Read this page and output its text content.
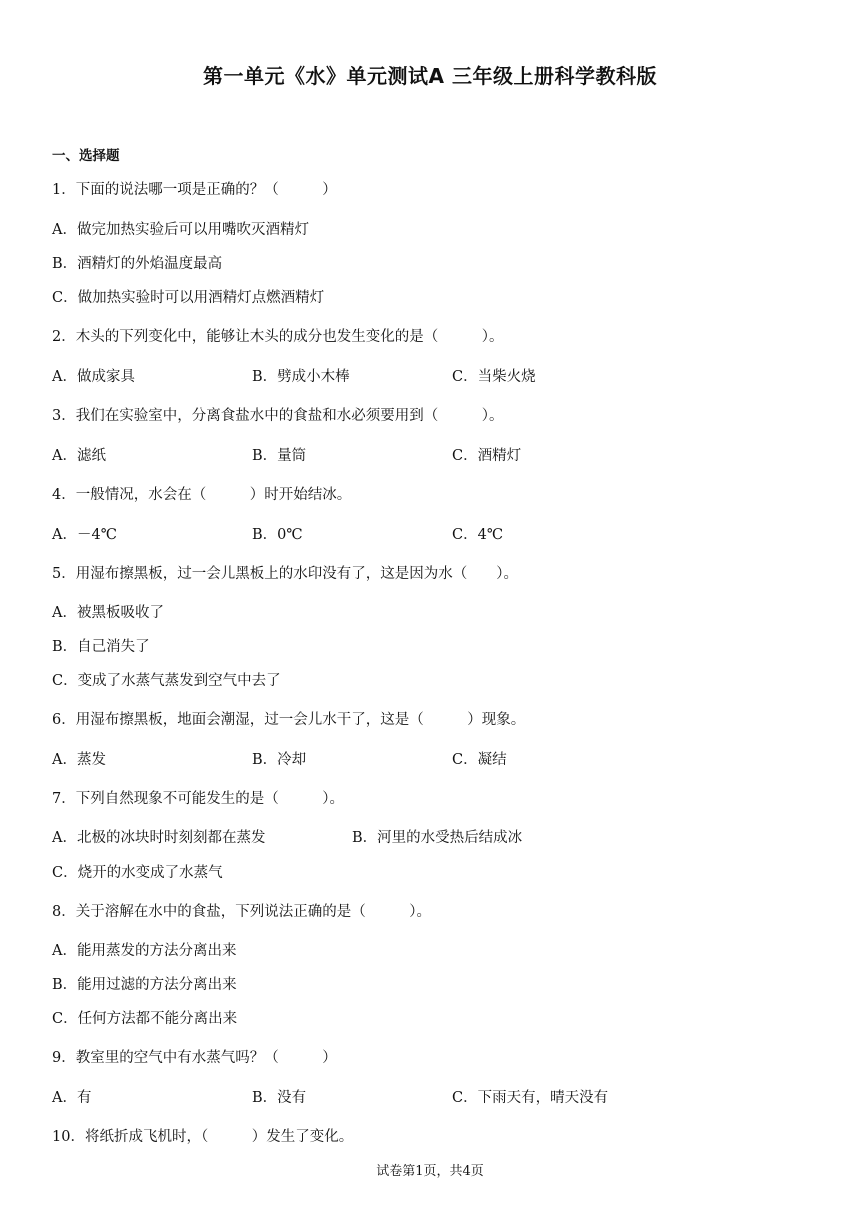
第一单元《水》单元测试A 三年级上册科学教科版
一、选择题
1．下面的说法哪一项是正确的？（　　　）
A．做完加热实验后可以用嘴吹灭酒精灯
B．酒精灯的外焰温度最高
C．做加热实验时可以用酒精灯点燃酒精灯
2．木头的下列变化中，能够让木头的成分也发生变化的是（　　　）。
A．做成家具	B．劈成小木棒	C．当柴火烧
3．我们在实验室中，分离食盐水中的食盐和水必须要用到（　　　）。
A．滤纸	B．量筒	C．酒精灯
4．一般情况，水会在（　　　）时开始结冰。
A．－4℃	B．0℃	C．4℃
5．用湿布擦黑板，过一会儿黑板上的水印没有了，这是因为水（　　）。
A．被黑板吸收了
B．自己消失了
C．变成了水蒸气蒸发到空气中去了
6．用湿布擦黑板，地面会潮湿，过一会儿水干了，这是（　　　）现象。
A．蒸发	B．冷却	C．凝结
7．下列自然现象不可能发生的是（　　　）。
A．北极的冰块时时刻刻都在蒸发	B．河里的水受热后结成冰
C．烧开的水变成了水蒸气
8．关于溶解在水中的食盐，下列说法正确的是（　　　）。
A．能用蒸发的方法分离出来
B．能用过滤的方法分离出来
C．任何方法都不能分离出来
9．教室里的空气中有水蒸气吗？（　　　）
A．有	B．没有	C．下雨天有，晴天没有
10．将纸折成飞机时，（　　　）发生了变化。
试卷第1页，共4页
